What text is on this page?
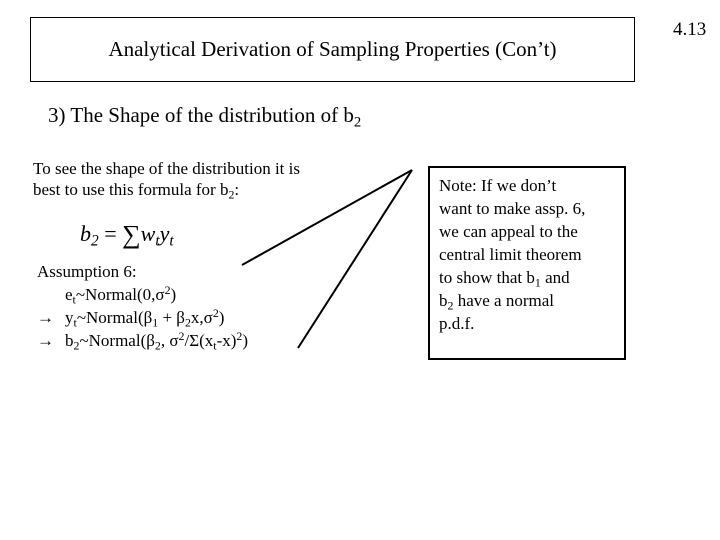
Analytical Derivation of Sampling Properties (Con’t)
4.13
3) The Shape of the distribution of $b_2$
To see the shape of the distribution it is
best to use this formula for $b_2$:
$b_2 = \sum w_ty_t$
Assumption 6:
$e_t\sim Normal(0,\sigma^2)$
→ $y_t\sim Normal(\beta_1 + \beta_2x,\sigma^2)$
→ $b_2\sim Normal(\beta_2$, $\sigma^2/\Sigma(x_t-x)^2$)
Note: If we don’t
want to make assp. 6,
we can appeal to the
central limit theorem
to show that $b_1$ and
$b_2$ have a normal
p.d.f.
